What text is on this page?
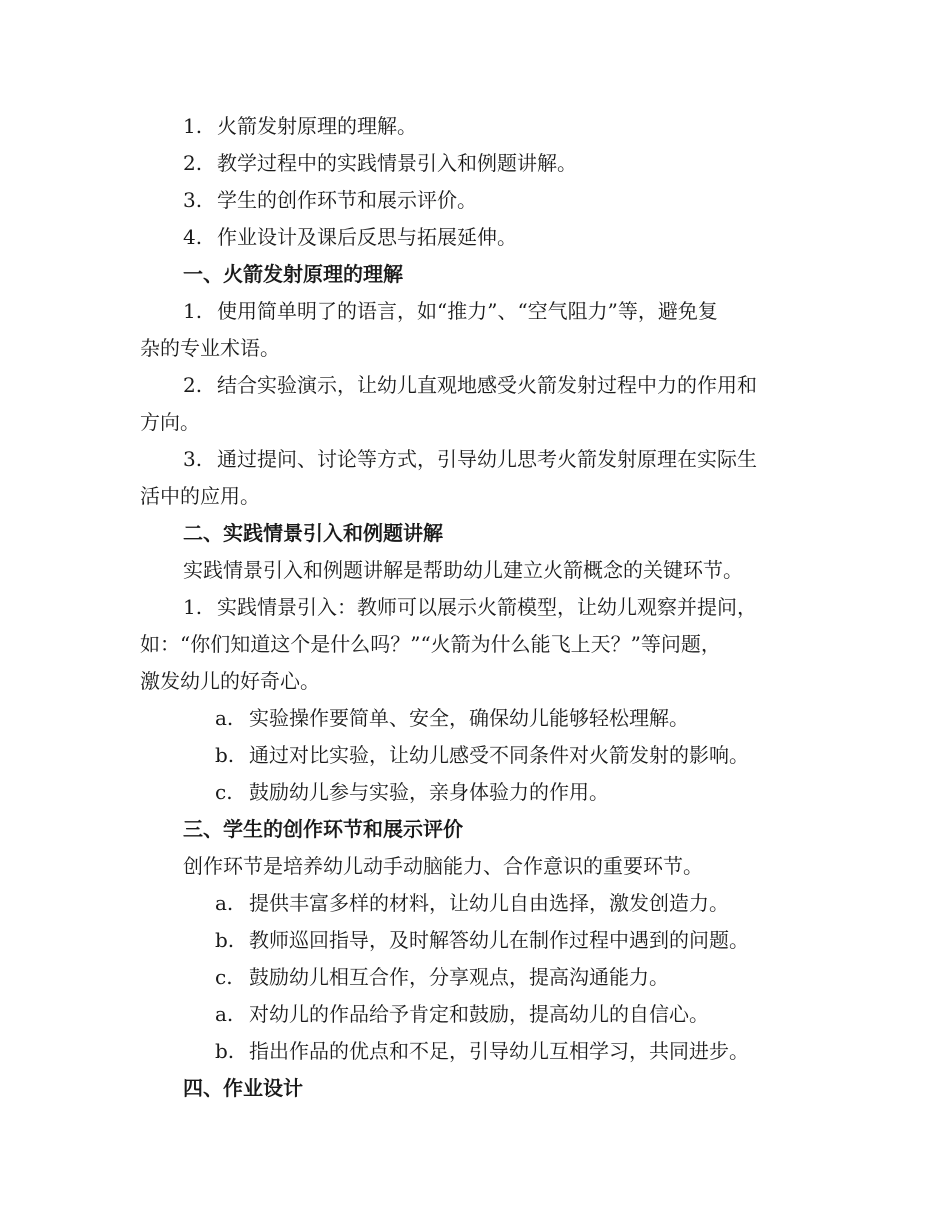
1. 火箭发射原理的理解。
2. 教学过程中的实践情景引入和例题讲解。
3. 学生的创作环节和展示评价。
4. 作业设计及课后反思与拓展延伸。
一、火箭发射原理的理解
1. 使用简单明了的语言，如“推力”、“空气阻力”等，避免复
杂的专业术语。
2. 结合实验演示，让幼儿直观地感受火箭发射过程中力的作用和
方向。
3. 通过提问、讨论等方式，引导幼儿思考火箭发射原理在实际生
活中的应用。
二、实践情景引入和例题讲解
实践情景引入和例题讲解是帮助幼儿建立火箭概念的关键环节。
1. 实践情景引入：教师可以展示火箭模型，让幼儿观察并提问，
如：“你们知道这个是什么吗？”“火箭为什么能飞上天？”等问题，
激发幼儿的好奇心。
a. 实验操作要简单、安全，确保幼儿能够轻松理解。
b. 通过对比实验，让幼儿感受不同条件对火箭发射的影响。
c. 鼓励幼儿参与实验，亲身体验力的作用。
三、学生的创作环节和展示评价
创作环节是培养幼儿动手动脑能力、合作意识的重要环节。
a. 提供丰富多样的材料，让幼儿自由选择，激发创造力。
b. 教师巡回指导，及时解答幼儿在制作过程中遇到的问题。
c. 鼓励幼儿相互合作，分享观点，提高沟通能力。
a. 对幼儿的作品给予肯定和鼓励，提高幼儿的自信心。
b. 指出作品的优点和不足，引导幼儿互相学习，共同进步。
四、作业设计
